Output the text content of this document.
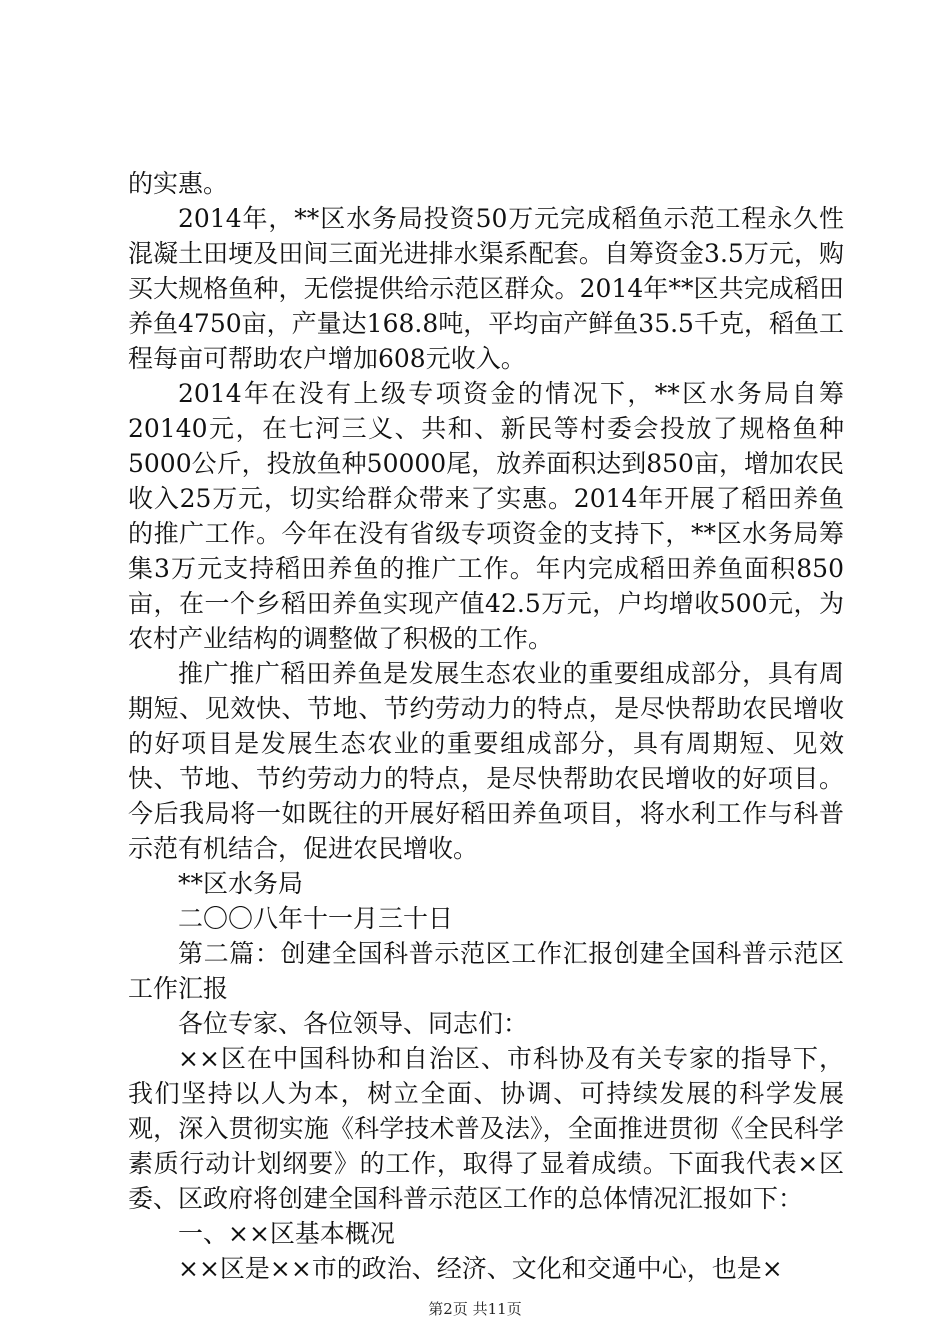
的实惠。

2014年，**区水务局投资50万元完成稻鱼示范工程永久性混凝土田埂及田间三面光进排水渠系配套。自筹资金3.5万元，购买大规格鱼种，无偿提供给示范区群众。2014年**区共完成稻田养鱼4750亩，产量达168.8吨，平均亩产鲜鱼35.5千克，稻鱼工程每亩可帮助农户增加608元收入。

2014年在没有上级专项资金的情况下，**区水务局自筹20140元，在七河三义、共和、新民等村委会投放了规格鱼种5000公斤，投放鱼种50000尾，放养面积达到850亩，增加农民收入25万元，切实给群众带来了实惠。2014年开展了稻田养鱼的推广工作。今年在没有省级专项资金的支持下，**区水务局筹集3万元支持稻田养鱼的推广工作。年内完成稻田养鱼面积850亩，在一个乡稻田养鱼实现产值42.5万元，户均增收500元，为农村产业结构的调整做了积极的工作。

推广推广稻田养鱼是发展生态农业的重要组成部分，具有周期短、见效快、节地、节约劳动力的特点，是尽快帮助农民增收的好项目是发展生态农业的重要组成部分，具有周期短、见效快、节地、节约劳动力的特点，是尽快帮助农民增收的好项目。今后我局将一如既往的开展好稻田养鱼项目，将水利工作与科普示范有机结合，促进农民增收。

**区水务局

二〇〇八年十一月三十日

第二篇：创建全国科普示范区工作汇报创建全国科普示范区工作汇报

各位专家、各位领导、同志们：

××区在中国科协和自治区、市科协及有关专家的指导下，我们坚持以人为本，树立全面、协调、可持续发展的科学发展观，深入贯彻实施《科学技术普及法》，全面推进贯彻《全民科学素质行动计划纲要》的工作，取得了显着成绩。下面我代表×区委、区政府将创建全国科普示范区工作的总体情况汇报如下：

一、××区基本概况

××区是××市的政治、经济、文化和交通中心，也是×

第2页 共11页
